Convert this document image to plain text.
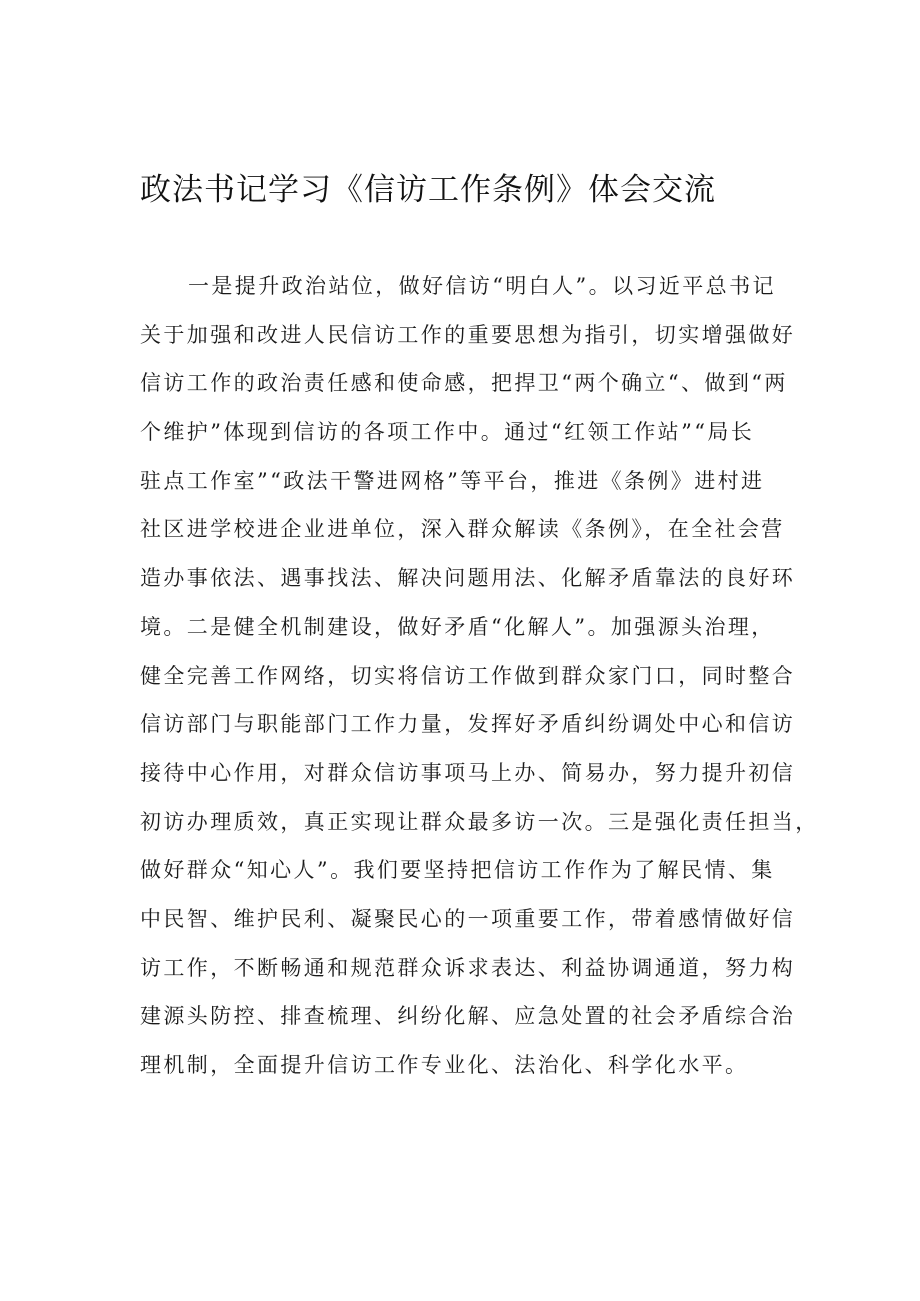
政法书记学习《信访工作条例》体会交流
一是提升政治站位，做好信访“明白人”。以习近平总书记
关于加强和改进人民信访工作的重要思想为指引，切实增强做好
信访工作的政治责任感和使命感，把捍卫“两个确立“、做到“两
个维护”体现到信访的各项工作中。通过“红领工作站”“局长
驻点工作室”“政法干警进网格”等平台，推进《条例》进村进
社区进学校进企业进单位，深入群众解读《条例》，在全社会营
造办事依法、遇事找法、解决问题用法、化解矛盾靠法的良好环
境。二是健全机制建设，做好矛盾“化解人”。加强源头治理，
健全完善工作网络，切实将信访工作做到群众家门口，同时整合
信访部门与职能部门工作力量，发挥好矛盾纠纷调处中心和信访
接待中心作用，对群众信访事项马上办、简易办，努力提升初信
初访办理质效，真正实现让群众最多访一次。三是强化责任担当，
做好群众“知心人”。我们要坚持把信访工作作为了解民情、集
中民智、维护民利、凝聚民心的一项重要工作，带着感情做好信
访工作，不断畅通和规范群众诉求表达、利益协调通道，努力构
建源头防控、排查梳理、纠纷化解、应急处置的社会矛盾综合治
理机制，全面提升信访工作专业化、法治化、科学化水平。
